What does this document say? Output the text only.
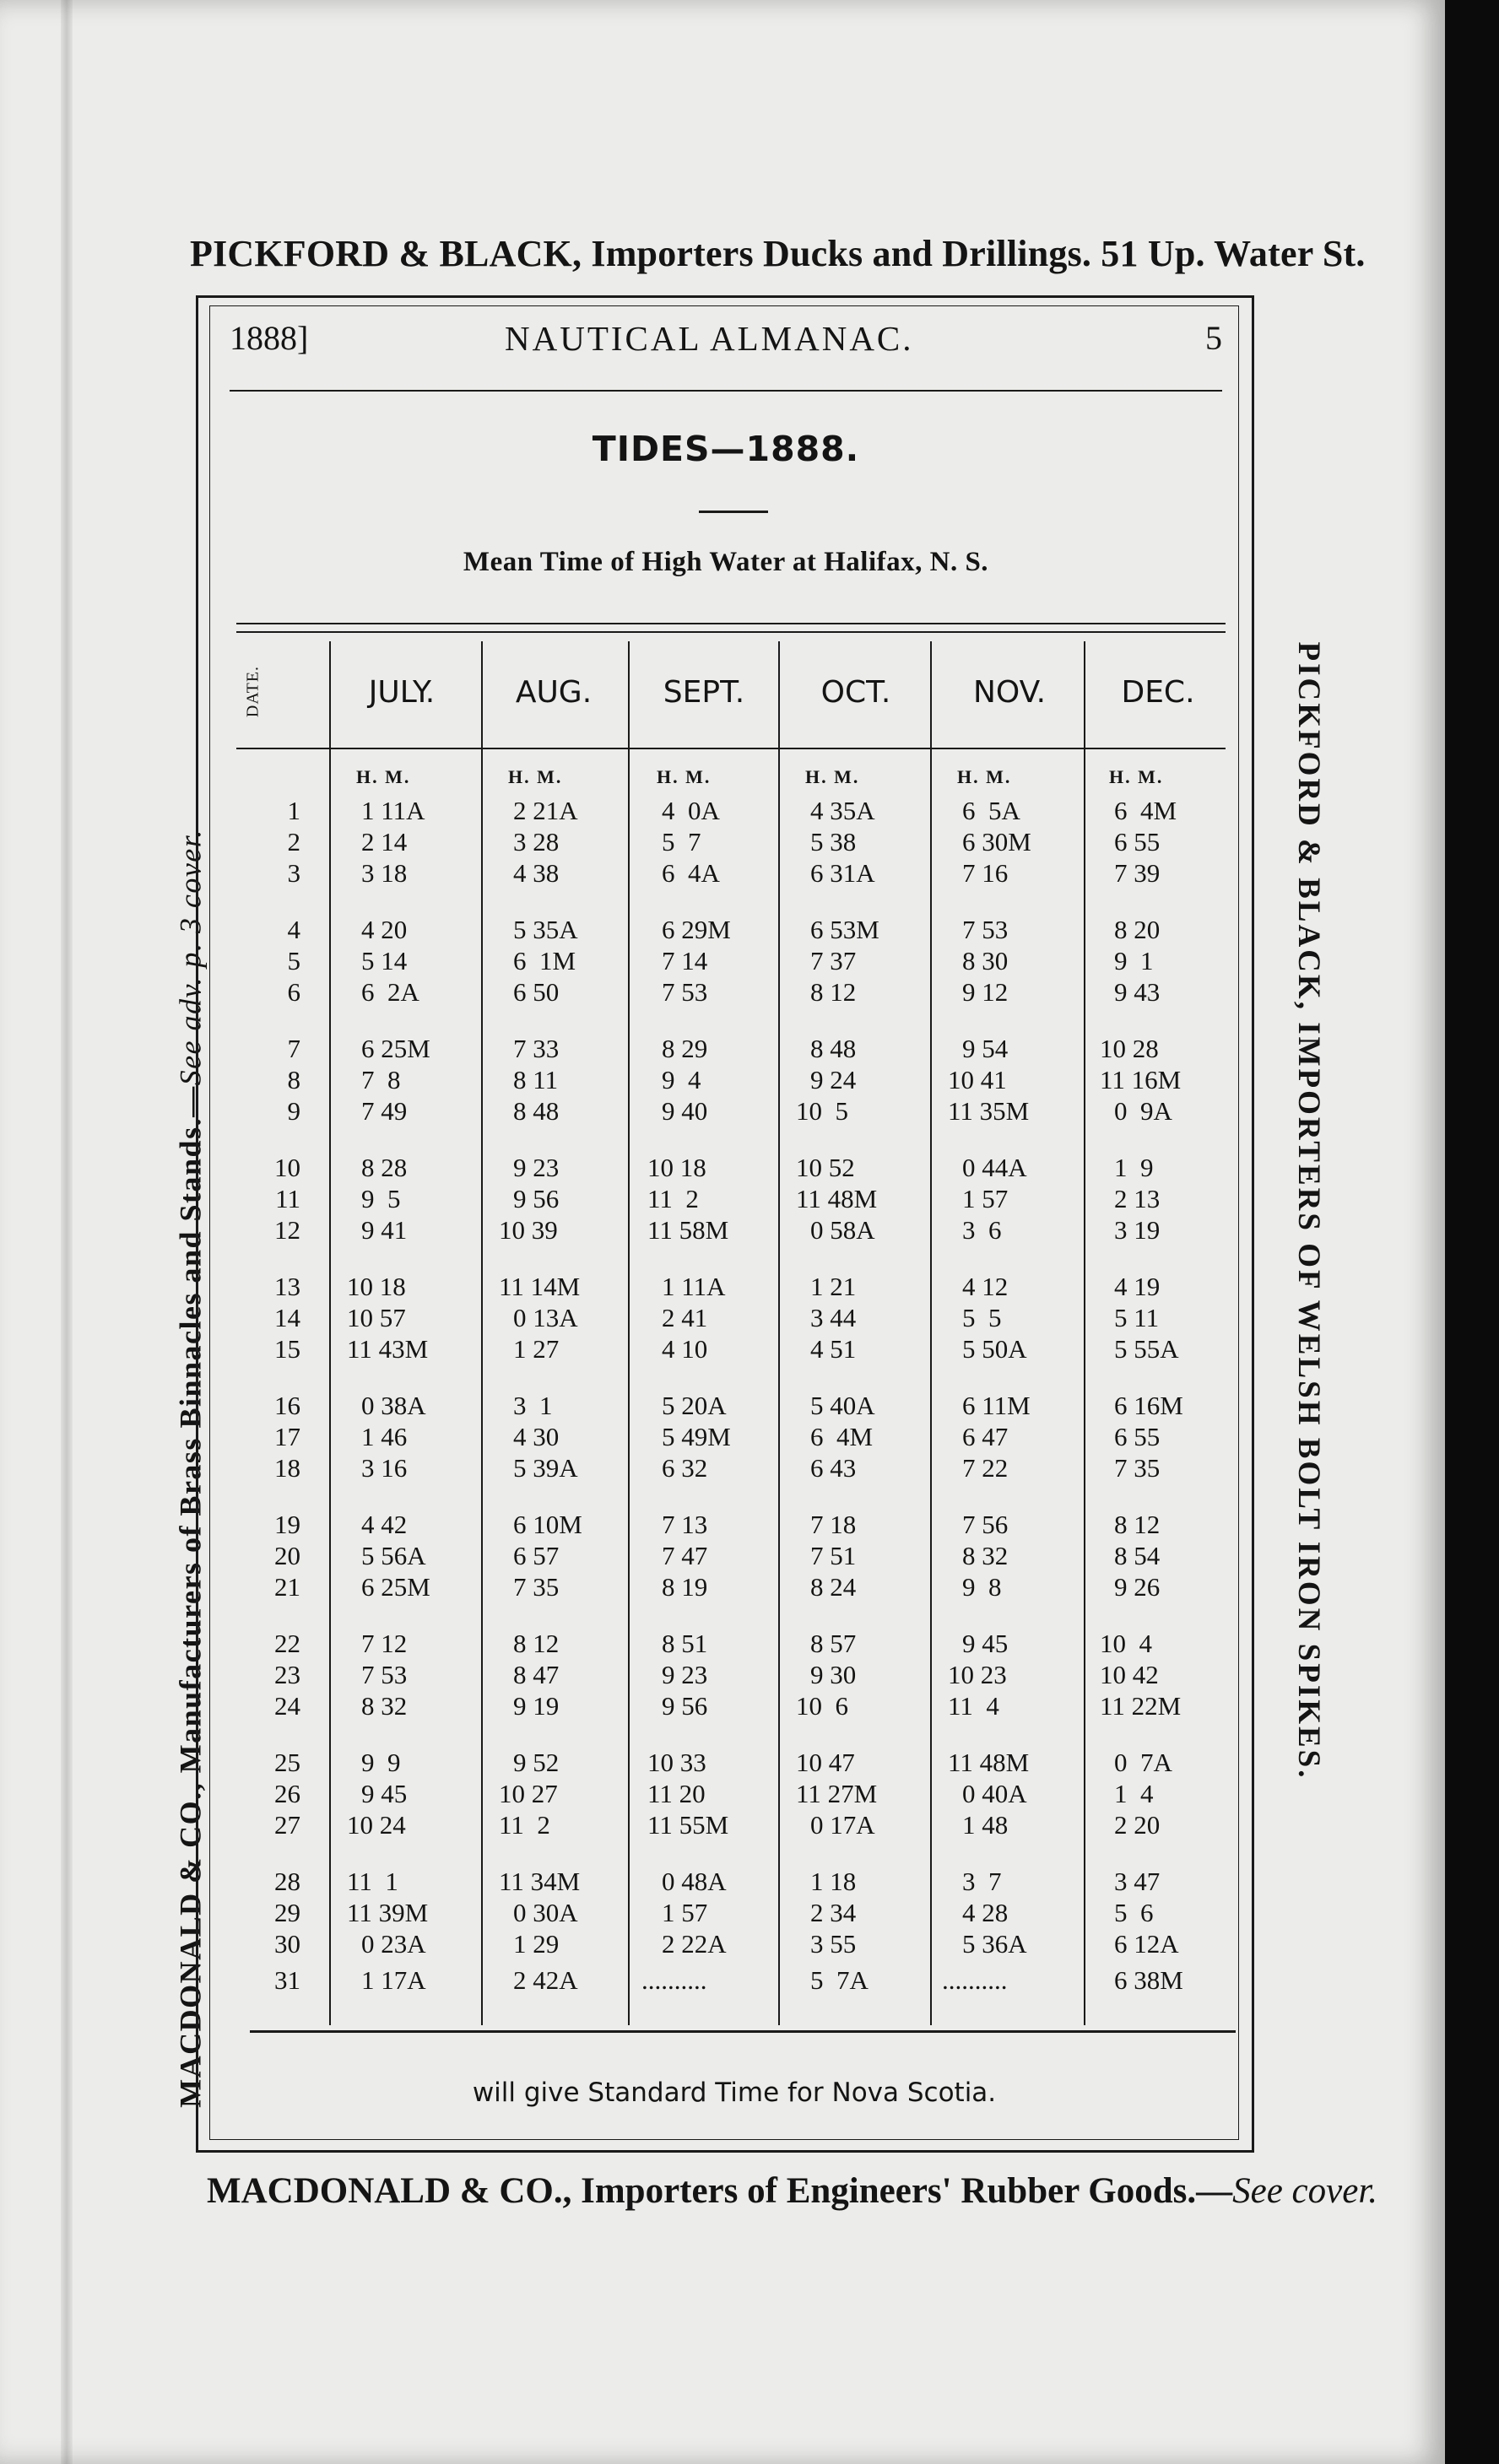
PICKFORD & BLACK, Importers Ducks and Drillings. 51 Up. Water St.
MACDONALD & CO., Manufacturers of Brass Binnacles and Stands.—See adv. p. 3 cover.	PICKFORD & BLACK, IMPORTERS OF WELSH BOLT IRON SPIKES.
1888]	NAUTICAL ALMANAC.	5
TIDES—1888.
Mean Time of High Water at Halifax, N. S.
DATE.	JULY.
H. M.
AUG.
H. M.
SEPT.
H. M.
OCT.
H. M.
NOV.
H. M.
DEC.
H. M.
1 1 11A	2 21A	4  0A	4 35A	6  5A	6  4M
2 2 14	3 28	5  7	5 38	6 30M	6 55
3 3 18	4 38	6  4A	6 31A	7 16	7 39
4 4 20	5 35A	6 29M	6 53M	7 53	8 20
5 5 14	6  1M	7 14	7 37	8 30	9  1
6 6  2A	6 50	7 53	8 12	9 12	9 43
7 6 25M	7 33	8 29	8 48	9 54	10 28
8 7  8	8 11	9  4	9 24	10 41	11 16M
9 7 49	8 48	9 40	10  5	11 35M	0  9A
10 8 28	9 23	10 18	10 52	0 44A	1  9
11 9  5	9 56	11  2	11 48M	1 57	2 13
12 9 41	10 39	11 58M	0 58A	3  6	3 19
13 10 18	11 14M	1 11A	1 21	4 12	4 19
14 10 57	0 13A	2 41	3 44	5  5	5 11
15 11 43M	1 27	4 10	4 51	5 50A	5 55A
16 0 38A	3  1	5 20A	5 40A	6 11M	6 16M
17 1 46	4 30	5 49M	6  4M	6 47	6 55
18 3 16	5 39A	6 32	6 43	7 22	7 35
19 4 42	6 10M	7 13	7 18	7 56	8 12
20 5 56A	6 57	7 47	7 51	8 32	8 54
21 6 25M	7 35	8 19	8 24	9  8	9 26
22 7 12	8 12	8 51	8 57	9 45	10  4
23 7 53	8 47	9 23	9 30	10 23	10 42
24 8 32	9 19	9 56	10  6	11  4	11 22M
25 9  9	9 52	10 33	10 47	11 48M	0  7A
26 9 45	10 27	11 20	11 27M	0 40A	1  4
27 10 24	11  2	11 55M	0 17A	1 48	2 20
28 11  1	11 34M	0 48A	1 18	3  7	3 47
29 11 39M	0 30A	1 57	2 34	4 28	5  6
30 0 23A	1 29	2 22A	3 55	5 36A	6 12A
31 1 17A	2 42A ..........	5  7A	..........	6 38M
will give Standard Time for Nova Scotia.
MACDONALD & CO., Importers of Engineers' Rubber Goods.—See cover.
